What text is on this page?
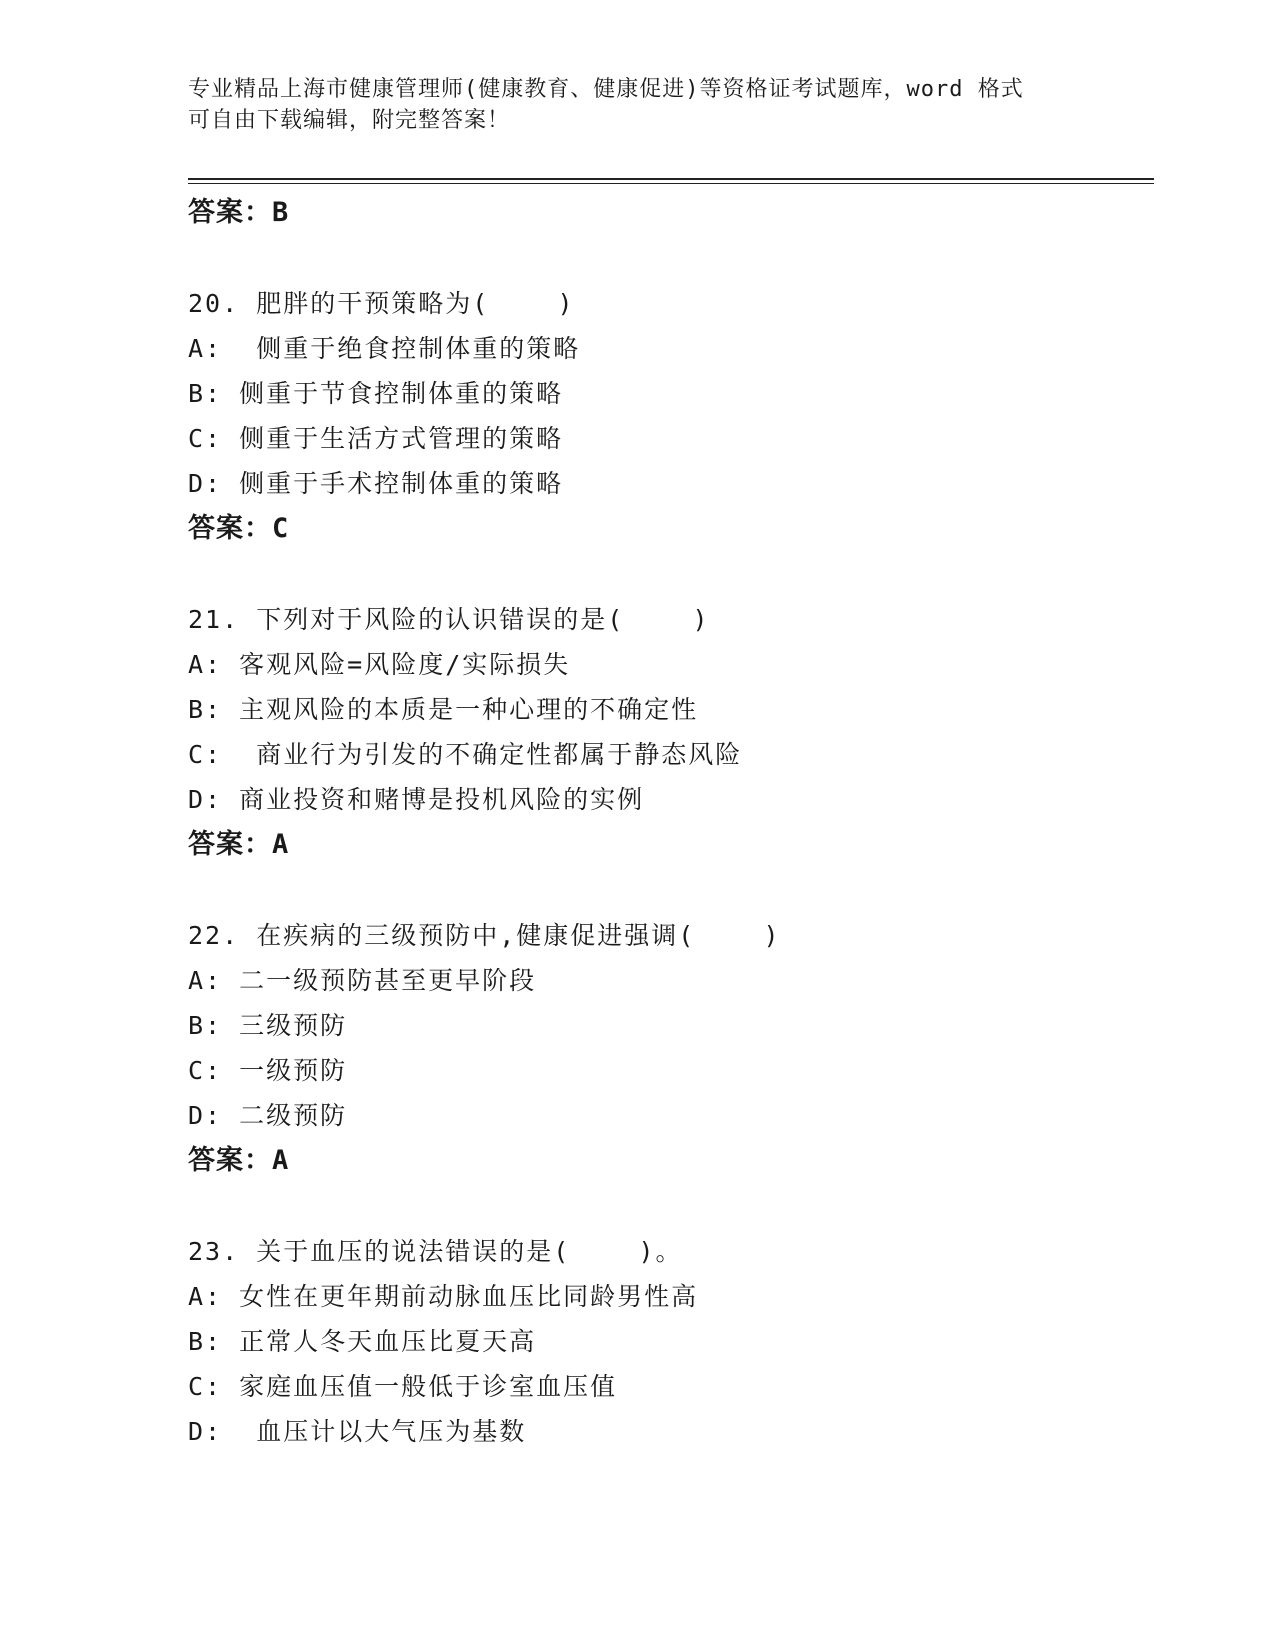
专业精品上海市健康管理师(健康教育、健康促进)等资格证考试题库，word 格式
可自由下载编辑，附完整答案！
答案：B
20. 肥胖的干预策略为(    )
A:  侧重于绝食控制体重的策略
B: 侧重于节食控制体重的策略
C: 侧重于生活方式管理的策略
D: 侧重于手术控制体重的策略
答案：C
21. 下列对于风险的认识错误的是(    )
A: 客观风险=风险度/实际损失
B: 主观风险的本质是一种心理的不确定性
C:  商业行为引发的不确定性都属于静态风险
D: 商业投资和赌博是投机风险的实例
答案：A
22. 在疾病的三级预防中,健康促进强调(    )
A: 二一级预防甚至更早阶段
B: 三级预防
C: 一级预防
D: 二级预防
答案：A
23. 关于血压的说法错误的是(    )。
A: 女性在更年期前动脉血压比同龄男性高
B: 正常人冬天血压比夏天高
C: 家庭血压值一般低于诊室血压值
D:  血压计以大气压为基数
